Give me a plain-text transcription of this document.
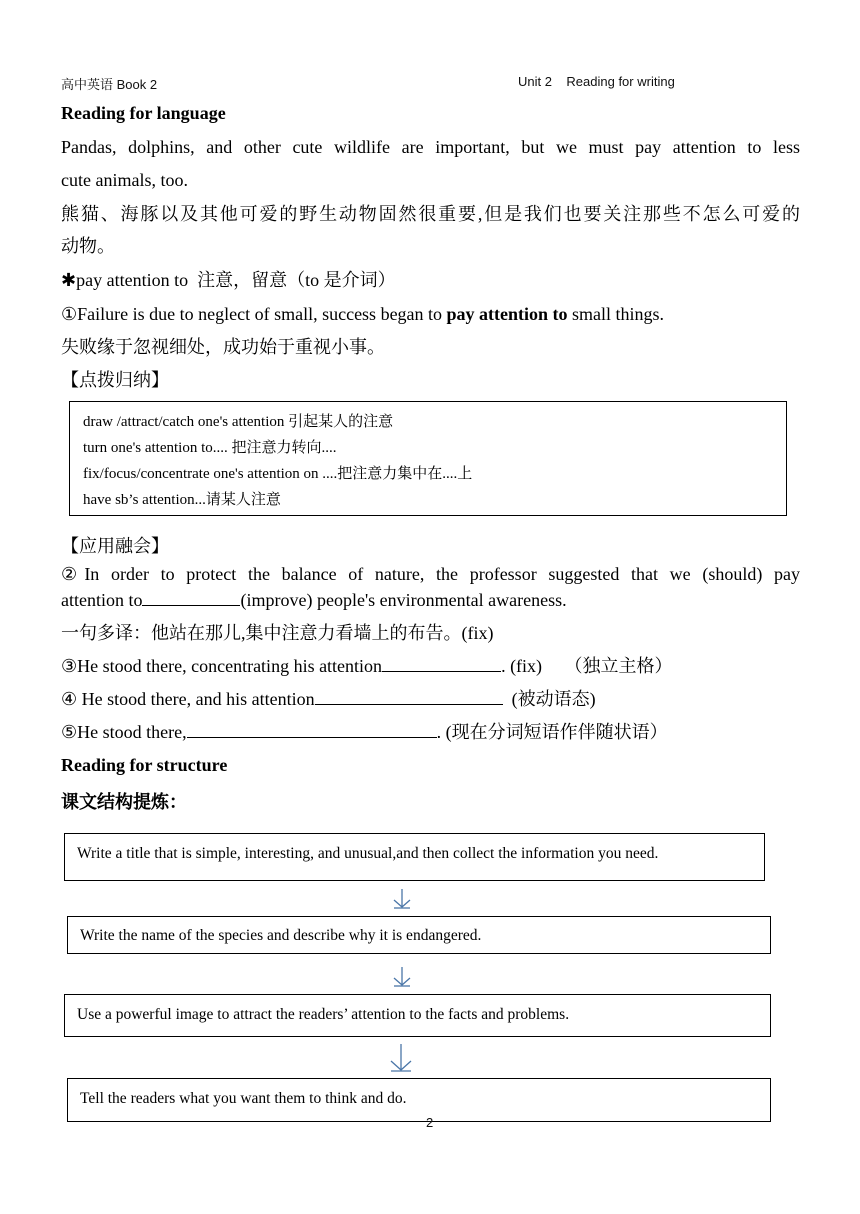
高中英语 Book 2	Unit 2    Reading for writing
Reading for language
Pandas, dolphins, and other cute wildlife are important, but we must pay attention to less
cute animals, too.
熊猫、海豚以及其他可爱的野生动物固然很重要,但是我们也要关注那些不怎么可爱的
动物。
✱pay attention to  注意，留意（to 是介词）
①Failure is due to neglect of small, success began to pay attention to small things.
失败缘于忽视细处，成功始于重视小事。
【点拨归纳】
draw /attract/catch one's attention 引起某人的注意
turn one's attention to.... 把注意力转向....
fix/focus/concentrate one's attention on ....把注意力集中在....上
have sb’s attention...请某人注意
【应用融会】
②In order to protect the balance of nature, the professor suggested that we (should) pay
attention to	(improve) people's environmental awareness.
一句多译：他站在那儿,集中注意力看墙上的布告。(fix)
③He stood there, concentrating his attention	. (fix)     （独立主格）
④ He stood there, and his attention	(被动语态)
⑤He stood there,	. (现在分词短语作伴随状语）
Reading for structure
课文结构提炼：
Write a title that is simple, interesting, and unusual,and then collect the information you need.
Write the name of the species and describe why it is endangered.
Use a powerful image to attract the readers’ attention to the facts and problems.
Tell the readers what you want them to think and do.
2
